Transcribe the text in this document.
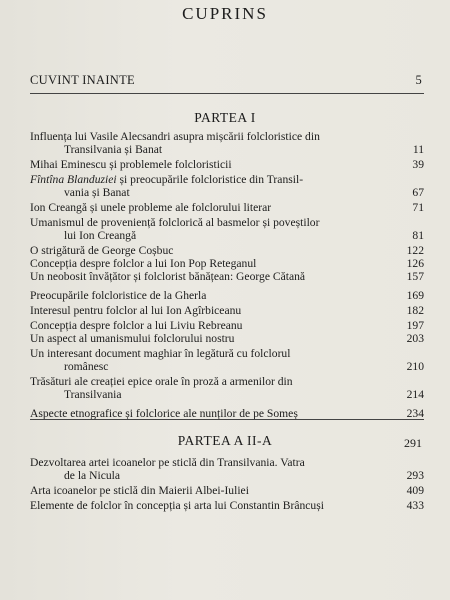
CUPRINS
CUVINT INAINTE	5
PARTEA I
Influența lui Vasile Alecsandri asupra mișcării folcloristice din
Transilvania și Banat	11
Mihai Eminescu și problemele folcloristicii	39
Fîntîna Blanduziei și preocupările folcloristice din Transil-
vania și Banat	67
Ion Creangă și unele probleme ale folclorului literar	71
Umanismul de proveniență folclorică al basmelor și poveștilor
lui Ion Creangă	81
O strigătură de George Coșbuc	122
Concepția despre folclor a lui Ion Pop Reteganul	126
Un neobosit învățător și folclorist bănățean: George Cătană	157
Preocupările folcloristice de la Gherla	169
Interesul pentru folclor al lui Ion Agîrbiceanu	182
Concepția despre folclor a lui Liviu Rebreanu	197
Un aspect al umanismului folclorului nostru	203
Un interesant document maghiar în legătură cu folclorul
românesc	210
Trăsături ale creației epice orale în proză a armenilor din
Transilvania	214
Aspecte etnografice și folclorice ale nunților de pe Someș	234
PARTEA A II-A	291
Dezvoltarea artei icoanelor pe sticlă din Transilvania. Vatra
de la Nicula	293
Arta icoanelor pe sticlă din Maierii Albei-Iuliei	409
Elemente de folclor în concepția și arta lui Constantin Brâncuși	433
